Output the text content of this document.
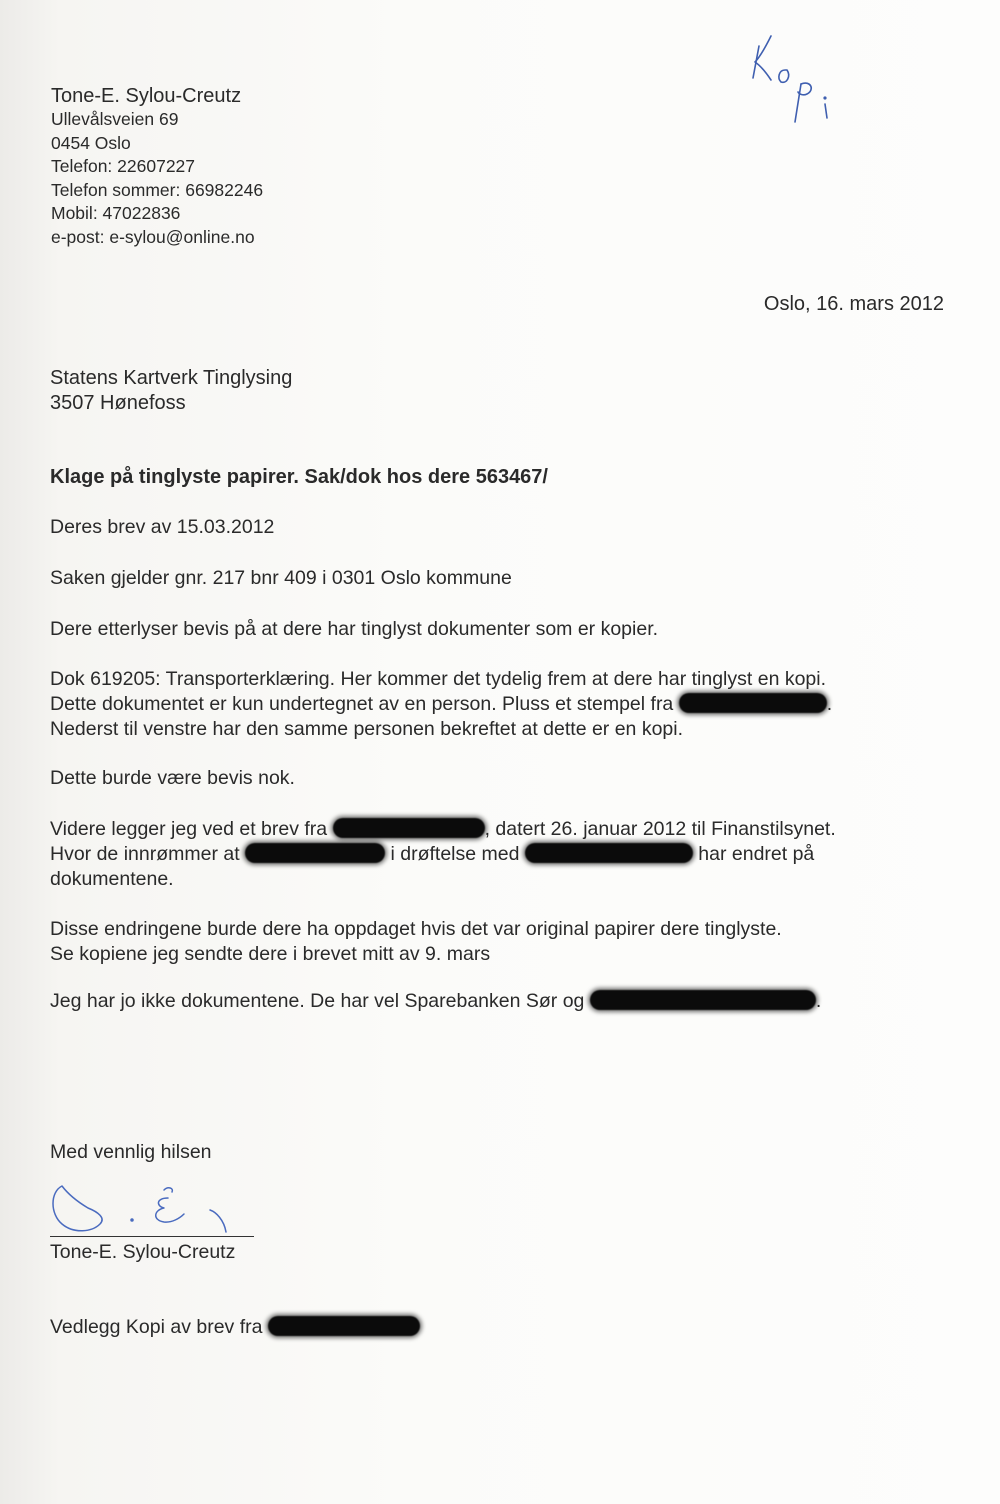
Tone-E. Sylou-Creutz
Ullevålsveien 69
0454 Oslo
Telefon: 22607227
Telefon sommer: 66982246
Mobil: 47022836
e-post: e-sylou@online.no
Oslo, 16. mars 2012
Statens Kartverk Tinglysing
3507 Hønefoss
Klage på tinglyste papirer. Sak/dok hos dere 563467/
Deres brev av 15.03.2012
Saken gjelder gnr. 217 bnr 409 i 0301 Oslo kommune
Dere etterlyser bevis på at dere har tinglyst dokumenter som er kopier.
Dok 619205: Transporterklæring. Her kommer det tydelig frem at dere har tinglyst en kopi.
Dette dokumentet er kun undertegnet av en person. Pluss et stempel fra	.
Nederst til venstre har den samme personen bekreftet at dette er en kopi.
Dette burde være bevis nok.
Videre legger jeg ved et brev fra	, datert 26. januar 2012 til Finanstilsynet.
Hvor de innrømmer at	i drøftelse med	har endret på
dokumentene.
Disse endringene burde dere ha oppdaget hvis det var original papirer dere tinglyste.
Se kopiene jeg sendte dere i brevet mitt av 9. mars
Jeg har jo ikke dokumentene. De har vel Sparebanken Sør og	.
Med vennlig hilsen
Tone-E. Sylou-Creutz
Vedlegg Kopi av brev fra
